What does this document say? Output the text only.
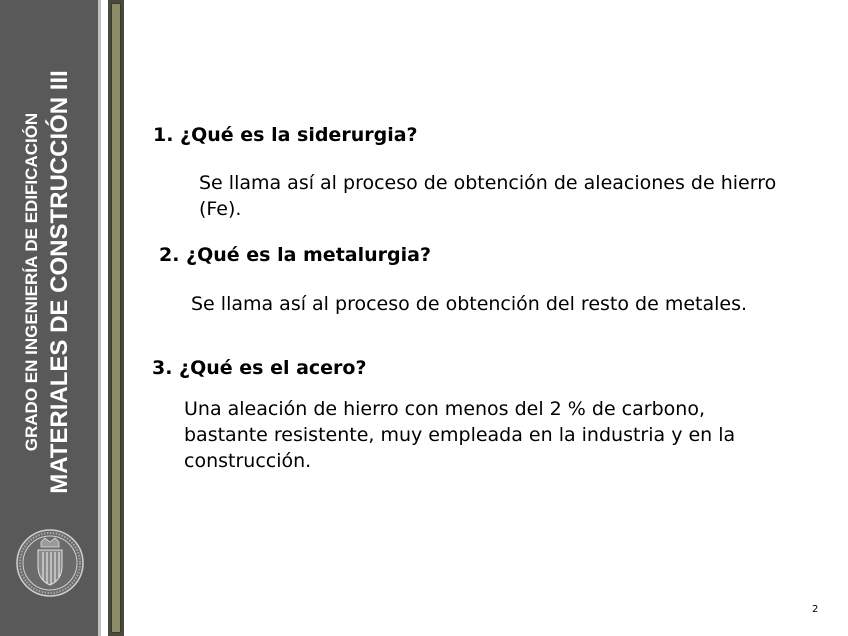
GRADO EN INGENIERÍA DE EDIFICACIÓN MATERIALES DE CONSTRUCCIÓN III	1. ¿Qué es la siderurgia?

Se llama así al proceso de obtención de aleaciones de hierro (Fe).

2. ¿Qué es la metalurgia?

Se llama así al proceso de obtención del resto de metales.

3. ¿Qué es el acero?

Una aleación de hierro con menos del 2 % de carbono, bastante resistente, muy empleada en la industria y en la construcción.

2
